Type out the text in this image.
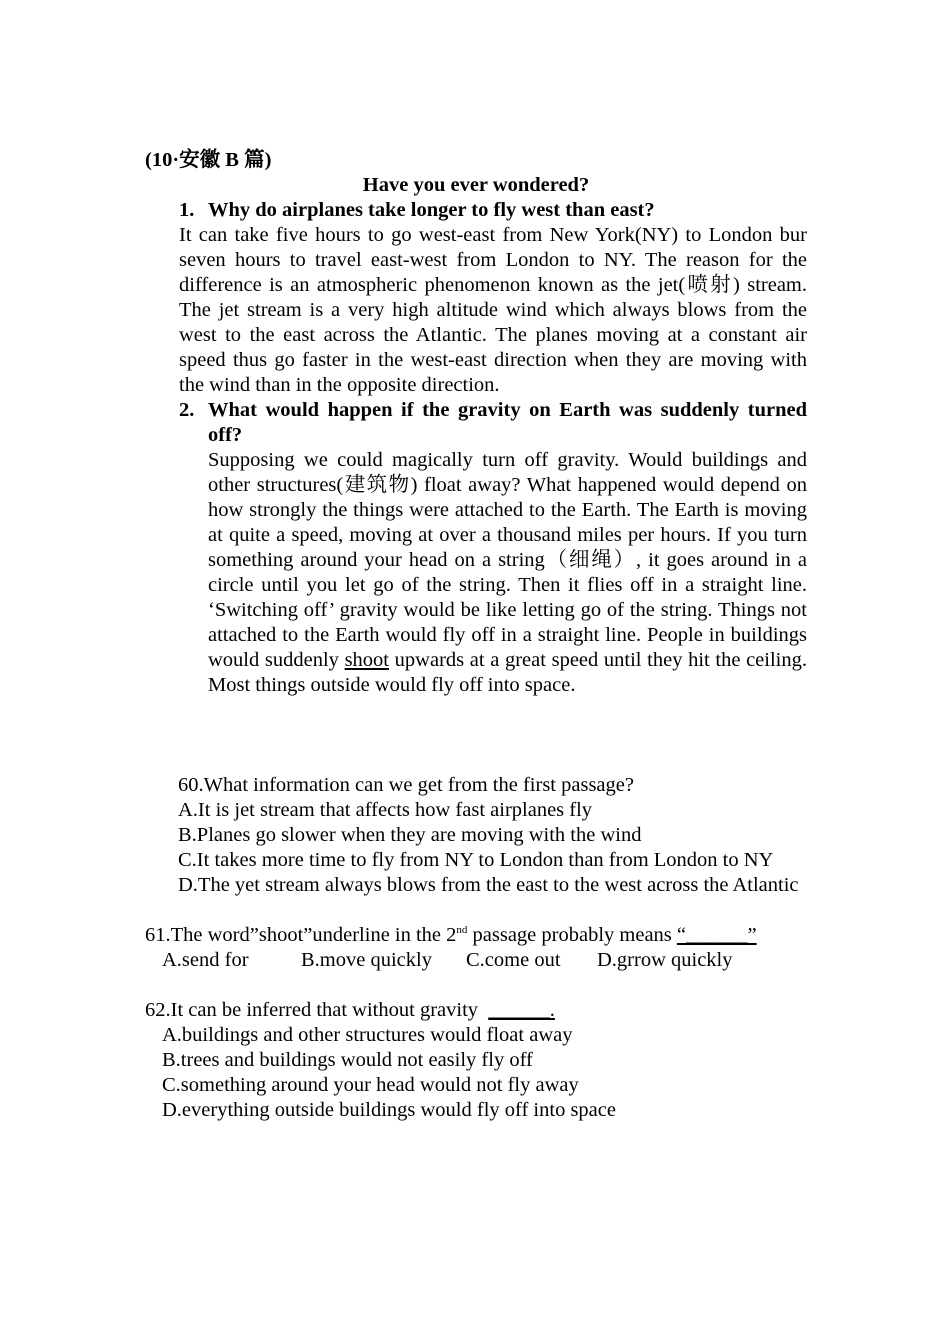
(10·安徽 B 篇)
Have you ever wondered?
1. Why do airplanes take longer to fly west than east?
It can take five hours to go west-east from New York(NY) to London bur seven hours to travel east-west from London to NY. The reason for the difference is an atmospheric phenomenon known as the jet(喷射) stream. The jet stream is a very high altitude wind which always blows from the west to the east across the Atlantic. The planes moving at a constant air speed thus go faster in the west-east direction when they are moving with the wind than in the opposite direction.
2. What would happen if the gravity on Earth was suddenly turned off?
Supposing we could magically turn off gravity. Would buildings and other structures(建筑物) float away? What happened would depend on how strongly the things were attached to the Earth. The Earth is moving at quite a speed, moving at over a thousand miles per hours. If you turn something around your head on a string（细绳）, it goes around in a circle until you let go of the string. Then it flies off in a straight line. ‘Switching off’ gravity would be like letting go of the string. Things not attached to the Earth would fly off in a straight line. People in buildings would suddenly shoot upwards at a great speed until they hit the ceiling. Most things outside would fly off into space.
60.What information can we get from the first passage?
A.It is jet stream that affects how fast airplanes fly
B.Planes go slower when they are moving with the wind
C.It takes more time to fly from NY to London than from London to NY
D.The yet stream always blows from the east to the west across the Atlantic
61.The word”shoot”underline in the 2nd passage probably means “______”
A.send for	B.move quickly C.come out D.grrow quickly
62.It can be inferred that without gravity  ______.
A.buildings and other structures would float away
B.trees and buildings would not easily fly off
C.something around your head would not fly away
D.everything outside buildings would fly off into space
